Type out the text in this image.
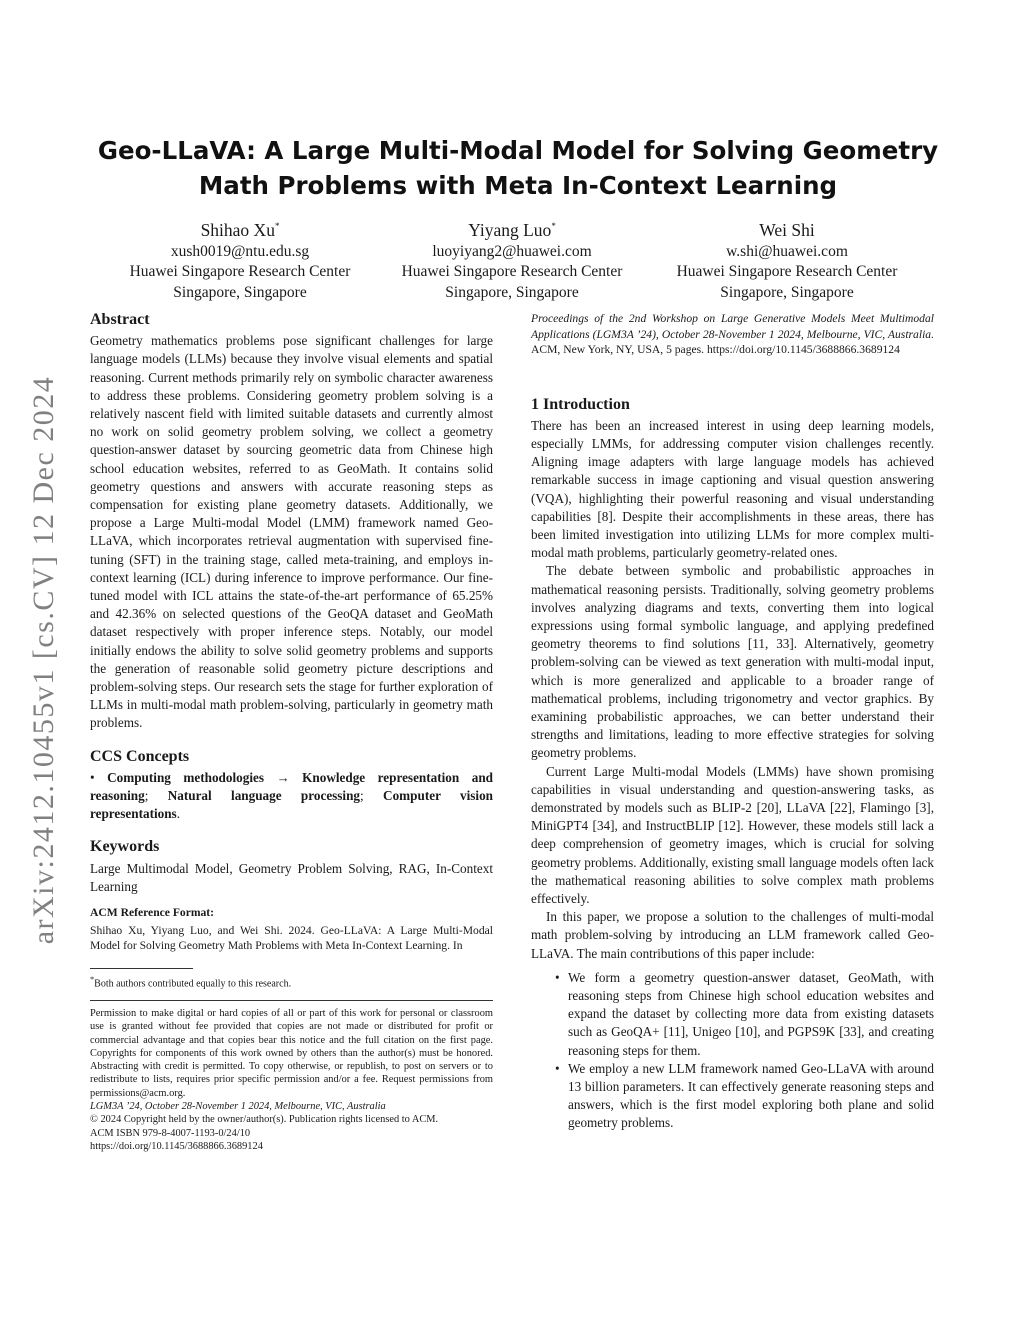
arXiv:2412.10455v1 [cs.CV] 12 Dec 2024
Geo-LLaVA: A Large Multi-Modal Model for Solving Geometry
Math Problems with Meta In-Context Learning
Shihao Xu*
xush0019@ntu.edu.sg
Huawei Singapore Research Center
Singapore, Singapore
Yiyang Luo*
luoyiyang2@huawei.com
Huawei Singapore Research Center
Singapore, Singapore
Wei Shi
w.shi@huawei.com
Huawei Singapore Research Center
Singapore, Singapore
Abstract

Geometry mathematics problems pose significant challenges for large language models (LLMs) because they involve visual elements and spatial reasoning. Current methods primarily rely on symbolic character awareness to address these problems. Considering geometry problem solving is a relatively nascent field with limited suitable datasets and currently almost no work on solid geometry problem solving, we collect a geometry question-answer dataset by sourcing geometric data from Chinese high school education websites, referred to as GeoMath. It contains solid geometry questions and answers with accurate reasoning steps as compensation for existing plane geometry datasets. Additionally, we propose a Large Multi-modal Model (LMM) framework named Geo-LLaVA, which incorporates retrieval augmentation with supervised fine-tuning (SFT) in the training stage, called meta-training, and employs in-context learning (ICL) during inference to improve performance. Our fine-tuned model with ICL attains the state-of-the-art performance of 65.25% and 42.36% on selected questions of the GeoQA dataset and GeoMath dataset respectively with proper inference steps. Notably, our model initially endows the ability to solve solid geometry problems and supports the generation of reasonable solid geometry picture descriptions and problem-solving steps. Our research sets the stage for further exploration of LLMs in multi-modal math problem-solving, particularly in geometry math problems.

CCS Concepts

• Computing methodologies → Knowledge representation and reasoning; Natural language processing; Computer vision representations.

Keywords

Large Multimodal Model, Geometry Problem Solving, RAG, In-Context Learning

ACM Reference Format:

Shihao Xu, Yiyang Luo, and Wei Shi. 2024. Geo-LLaVA: A Large Multi-Modal Model for Solving Geometry Math Problems with Meta In-Context Learning. In

*Both authors contributed equally to this research.

Permission to make digital or hard copies of all or part of this work for personal or classroom use is granted without fee provided that copies are not made or distributed for profit or commercial advantage and that copies bear this notice and the full citation on the first page. Copyrights for components of this work owned by others than the author(s) must be honored. Abstracting with credit is permitted. To copy otherwise, or republish, to post on servers or to redistribute to lists, requires prior specific permission and/or a fee. Request permissions from permissions@acm.org.

LGM3A ’24, October 28-November 1 2024, Melbourne, VIC, Australia

© 2024 Copyright held by the owner/author(s). Publication rights licensed to ACM.

ACM ISBN 979-8-4007-1193-0/24/10

https://doi.org/10.1145/3688866.3689124

Proceedings of the 2nd Workshop on Large Generative Models Meet Multimodal Applications (LGM3A ’24), October 28-November 1 2024, Melbourne, VIC, Australia. ACM, New York, NY, USA, 5 pages. https://doi.org/10.1145/3688866.3689124

1 Introduction

There has been an increased interest in using deep learning models, especially LMMs, for addressing computer vision challenges recently. Aligning image adapters with large language models has achieved remarkable success in image captioning and visual question answering (VQA), highlighting their powerful reasoning and visual understanding capabilities [8]. Despite their accomplishments in these areas, there has been limited investigation into utilizing LLMs for more complex multi-modal math problems, particularly geometry-related ones.

The debate between symbolic and probabilistic approaches in mathematical reasoning persists. Traditionally, solving geometry problems involves analyzing diagrams and texts, converting them into logical expressions using formal symbolic language, and applying predefined geometry theorems to find solutions [11, 33]. Alternatively, geometry problem-solving can be viewed as text generation with multi-modal input, which is more generalized and applicable to a broader range of mathematical problems, including trigonometry and vector graphics. By examining probabilistic approaches, we can better understand their strengths and limitations, leading to more effective strategies for solving geometry problems.

Current Large Multi-modal Models (LMMs) have shown promising capabilities in visual understanding and question-answering tasks, as demonstrated by models such as BLIP-2 [20], LLaVA [22], Flamingo [3], MiniGPT4 [34], and InstructBLIP [12]. However, these models still lack a deep comprehension of geometry images, which is crucial for solving geometry problems. Additionally, existing small language models often lack the mathematical reasoning abilities to solve complex math problems effectively.

In this paper, we propose a solution to the challenges of multi-modal math problem-solving by introducing an LLM framework called Geo-LLaVA. The main contributions of this paper include:

• We form a geometry question-answer dataset, GeoMath, with reasoning steps from Chinese high school education websites and expand the dataset by collecting more data from existing datasets such as GeoQA+ [11], Unigeo [10], and PGPS9K [33], and creating reasoning steps for them.
• We employ a new LLM framework named Geo-LLaVA with around 13 billion parameters. It can effectively generate reasoning steps and answers, which is the first model exploring both plane and solid geometry problems.
